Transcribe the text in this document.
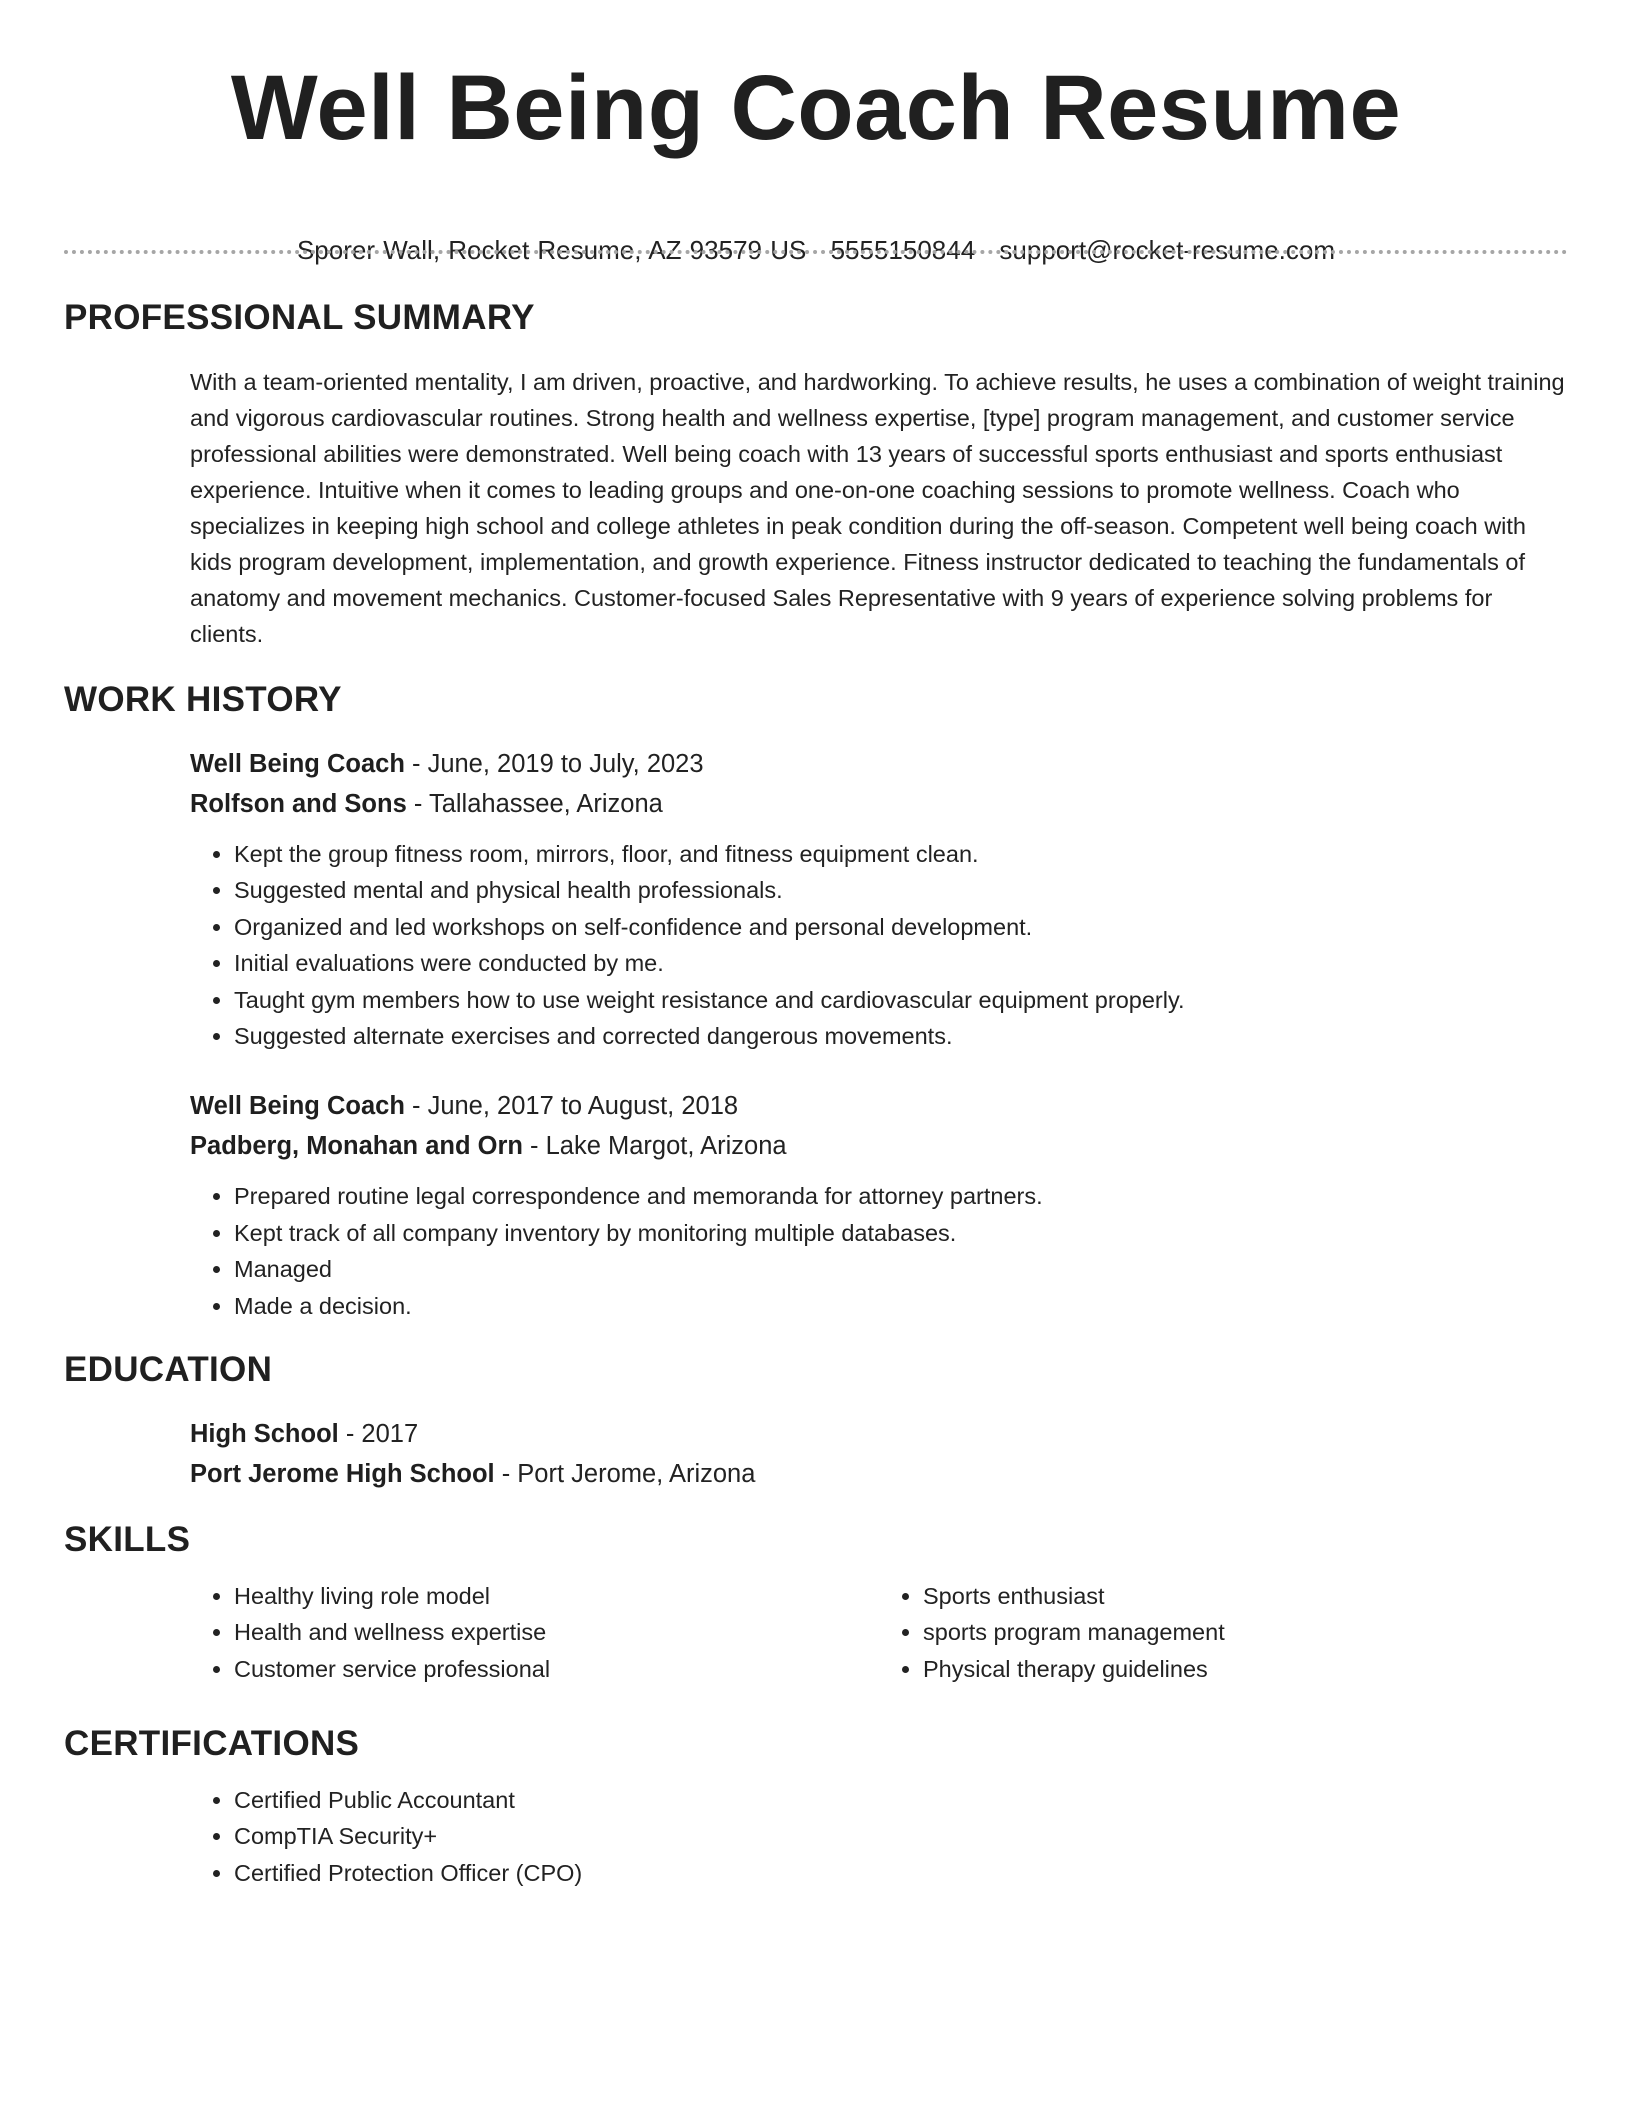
Well Being Coach Resume
Sporer Wall, Rocket Resume, AZ 93579 US 5555150844 support@rocket-resume.com
PROFESSIONAL SUMMARY

With a team-oriented mentality, I am driven, proactive, and hardworking. To achieve results, he uses a combination of weight training and vigorous cardiovascular routines. Strong health and wellness expertise, [type] program management, and customer service professional abilities were demonstrated. Well being coach with 13 years of successful sports enthusiast and sports enthusiast experience. Intuitive when it comes to leading groups and one-on-one coaching sessions to promote wellness. Coach who specializes in keeping high school and college athletes in peak condition during the off-season. Competent well being coach with kids program development, implementation, and growth experience. Fitness instructor dedicated to teaching the fundamentals of anatomy and movement mechanics. Customer-focused Sales Representative with 9 years of experience solving problems for clients.

WORK HISTORY
Well Being Coach - June, 2019 to July, 2023
Rolfson and Sons - Tallahassee, Arizona
• Kept the group fitness room, mirrors, floor, and fitness equipment clean.
• Suggested mental and physical health professionals.
• Organized and led workshops on self-confidence and personal development.
• Initial evaluations were conducted by me.
• Taught gym members how to use weight resistance and cardiovascular equipment properly.
• Suggested alternate exercises and corrected dangerous movements.
Well Being Coach - June, 2017 to August, 2018
Padberg, Monahan and Orn - Lake Margot, Arizona
• Prepared routine legal correspondence and memoranda for attorney partners.
• Kept track of all company inventory by monitoring multiple databases.
• Managed
• Made a decision.
EDUCATION
High School - 2017
Port Jerome High School - Port Jerome, Arizona
SKILLS
• Healthy living role model
• Health and wellness expertise
• Customer service professional
• Sports enthusiast
• sports program management
• Physical therapy guidelines
CERTIFICATIONS
• Certified Public Accountant
• CompTIA Security+
• Certified Protection Officer (CPO)
